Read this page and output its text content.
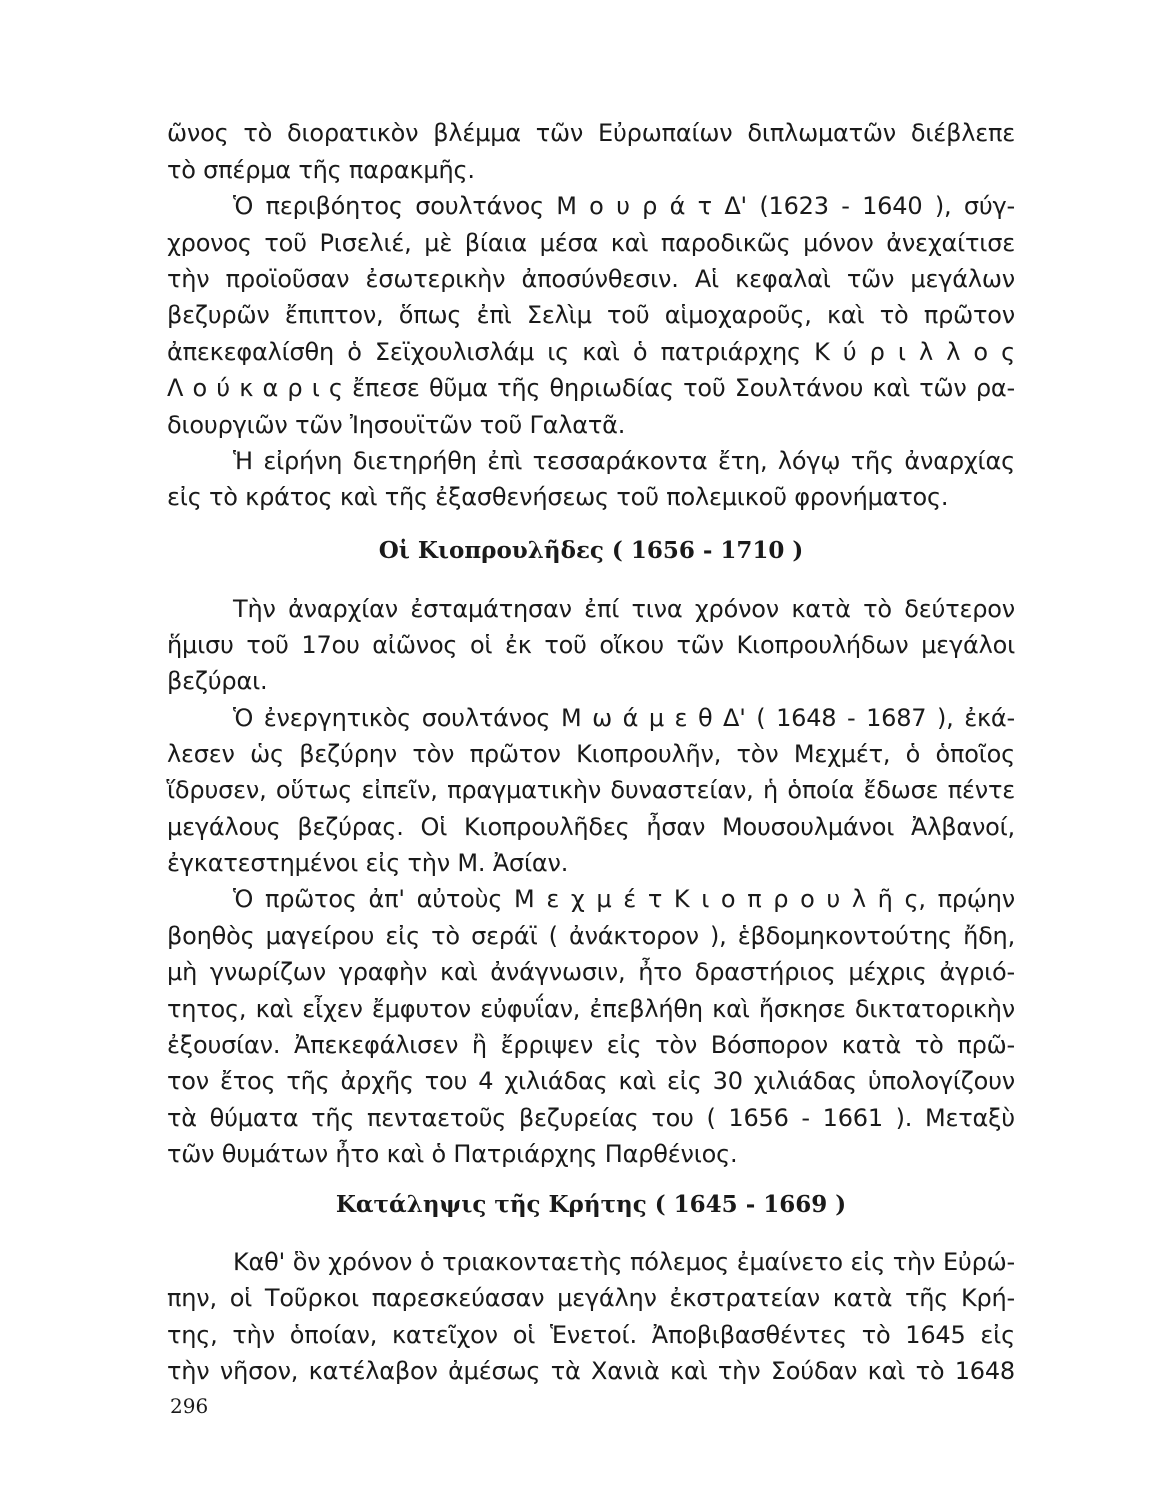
ῶνος τὸ διορατικὸν βλέμμα τῶν Εὐρωπαίων διπλωματῶν διέβλεπε
τὸ σπέρμα τῆς παρακμῆς.
Ὁ περιβόητος σουλτάνος Μ ο υ ρ ά τ Δ' (1623 - 1640 ), σύγ-
χρονος τοῦ Ρισελιέ, μὲ βίαια μέσα καὶ παροδικῶς μόνον ἀνεχαίτισε
τὴν προϊοῦσαν ἐσωτερικὴν ἀποσύνθεσιν. Αἱ κεφαλαὶ τῶν μεγάλων
βεζυρῶν ἔπιπτον, ὅπως ἐπὶ Σελὶμ τοῦ αἱμοχαροῦς, καὶ τὸ πρῶτον
ἀπεκεφαλίσθη ὁ Σεϊχουλισλάμ ις καὶ ὁ πατριάρχης Κ ύ ρ ι λ λ ο ς
Λ ο ύ κ α ρ ι ς ἔπεσε θῦμα τῆς θηριωδίας τοῦ Σουλτάνου καὶ τῶν ρα-
διουργιῶν τῶν Ἰησουϊτῶν τοῦ Γαλατᾶ.
Ἡ εἰρήνη διετηρήθη ἐπὶ τεσσαράκοντα ἔτη, λόγῳ τῆς ἀναρχίας
εἰς τὸ κράτος καὶ τῆς ἐξασθενήσεως τοῦ πολεμικοῦ φρονήματος.
Οἱ Κιοπρουλῆδες ( 1656 - 1710 )
Τὴν ἀναρχίαν ἐσταμάτησαν ἐπί τινα χρόνον κατὰ τὸ δεύτερον
ἥμισυ τοῦ 17ου αἰῶνος οἱ ἐκ τοῦ οἴκου τῶν Κιοπρουλήδων μεγάλοι
βεζύραι.
Ὁ ἐνεργητικὸς σουλτάνος Μ ω ά μ ε θ Δ' ( 1648 - 1687 ), ἐκά-
λεσεν ὡς βεζύρην τὸν πρῶτον Κιοπρουλῆν, τὸν Μεχμέτ, ὁ ὁποῖος
ἵδρυσεν, οὕτως εἰπεῖν, πραγματικὴν δυναστείαν, ἡ ὁποία ἔδωσε πέντε
μεγάλους βεζύρας. Οἱ Κιοπρουλῆδες ἦσαν Μουσουλμάνοι Ἀλβανοί,
ἐγκατεστημένοι εἰς τὴν Μ. Ἀσίαν.
Ὁ πρῶτος ἀπ' αὐτοὺς Μ ε χ μ έ τ Κ ι ο π ρ ο υ λ ῆ ς, πρῴην
βοηθὸς μαγείρου εἰς τὸ σεράϊ ( ἀνάκτορον ), ἑβδομηκοντούτης ἤδη,
μὴ γνωρίζων γραφὴν καὶ ἀνάγνωσιν, ἦτο δραστήριος μέχρις ἀγριό-
τητος, καὶ εἶχεν ἔμφυτον εὐφυΐαν, ἐπεβλήθη καὶ ἤσκησε δικτατορικὴν
ἐξουσίαν. Ἀπεκεφάλισεν ἢ ἔρριψεν εἰς τὸν Βόσπορον κατὰ τὸ πρῶ-
τον ἔτος τῆς ἀρχῆς του 4 χιλιάδας καὶ εἰς 30 χιλιάδας ὑπολογίζουν
τὰ θύματα τῆς πενταετοῦς βεζυρείας του ( 1656 - 1661 ). Μεταξὺ
τῶν θυμάτων ἦτο καὶ ὁ Πατριάρχης Παρθένιος.
Κατάληψις τῆς Κρήτης ( 1645 - 1669 )
Καθ' ὃν χρόνον ὁ τριακονταετὴς πόλεμος ἐμαίνετο εἰς τὴν Εὐρώ-
πην, οἱ Τοῦρκοι παρεσκεύασαν μεγάλην ἐκστρατείαν κατὰ τῆς Κρή-
της, τὴν ὁποίαν, κατεῖχον οἱ Ἑνετοί. Ἀποβιβασθέντες τὸ 1645 εἰς
τὴν νῆσον, κατέλαβον ἀμέσως τὰ Χανιὰ καὶ τὴν Σούδαν καὶ τὸ 1648
296
